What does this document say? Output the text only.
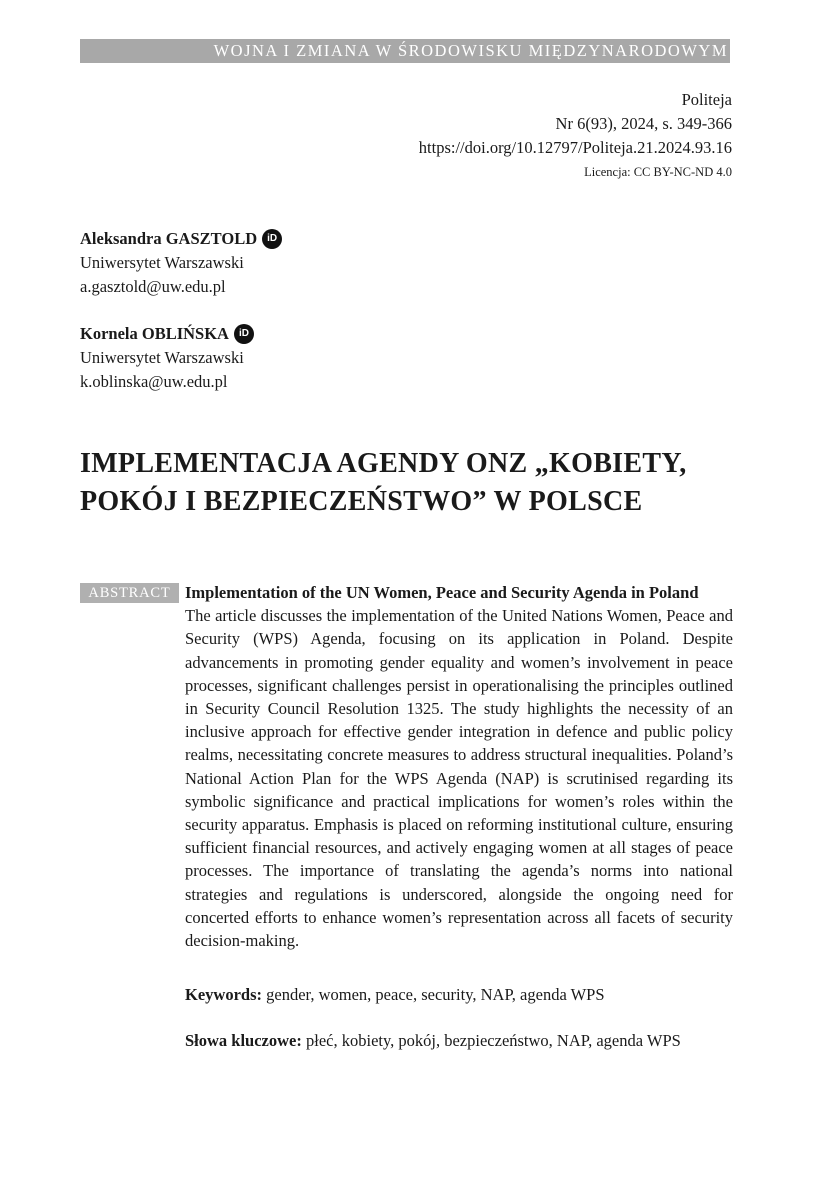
WOJNA I ZMIANA W ŚRODOWISKU MIĘDZYNARODOWYM
Politeja
Nr 6(93), 2024, s. 349-366
https://doi.org/10.12797/Politeja.21.2024.93.16
Licencja: CC BY-NC-ND 4.0
Aleksandra GASZTOLD	iD
Uniwersytet Warszawski
a.gasztold@uw.edu.pl
Kornela OBLIŃSKA	iD
Uniwersytet Warszawski
k.oblinska@uw.edu.pl
IMPLEMENTACJA AGENDY ONZ „KOBIETY, POKÓJ I BEZPIECZEŃSTWO” W POLSCE
ABSTRACT Implementation of the UN Women, Peace and Security Agenda in Poland
The article discusses the implementation of the United Nations Women, Peace and Security (WPS) Agenda, focusing on its application in Poland. Despite advancements in promoting gender equality and women’s involvement in peace processes, significant challenges persist in operationalising the principles outlined in Security Council Resolution 1325. The study highlights the necessity of an inclusive approach for effective gender integration in defence and public policy realms, necessitating concrete measures to address structural inequalities. Poland’s National Action Plan for the WPS Agenda (NAP) is scrutinised regarding its symbolic significance and practical implications for women’s roles within the security apparatus. Emphasis is placed on reforming institutional culture, ensuring sufficient financial resources, and actively engaging women at all stages of peace processes. The importance of translating the agenda’s norms into national strategies and regulations is underscored, alongside the ongoing need for concerted efforts to enhance women’s representation across all facets of security decision-making.
Keywords: gender, women, peace, security, NAP, agenda WPS
Słowa kluczowe: płeć, kobiety, pokój, bezpieczeństwo, NAP, agenda WPS
